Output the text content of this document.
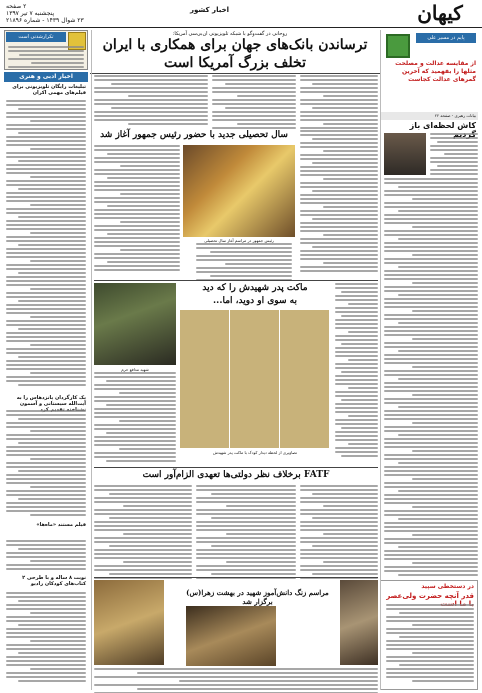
۲ صفحه
پنجشنبه ۷ تیر ۱۳۹۷
۲۳ شوال ۱۴۳۹ - شماره ۲۱۸۹۶
اخبار کشور	کیهان
روحانی در گفت‌وگو با شبکه تلویزیونی ان‌بی‌سی آمریکا:
ترساندن بانک‌های جهان برای همکاری با ایران
تخلف بزرگ آمریکا است
پایم در مسیر علی
از مقایسه عدالت و مصلحت مثلها را بفهمید که آخرین گمرهای عدالت کجاست
بیانات رهبری - صفحه ۲۲
کاش لحظه‌ای باز
در دستخطی سپید
قدر آنچه حضرت ولی‌عصر
تکرار‌شدنی است
اخبار ادبی و هنری
تبلیغات رایگان تلویزیونی برای فیلم‌های مهمی اکران
یک کارگردان پانزدهاس را به آیت‌الله سیستانی و آسمون
فیلم مستند «ماه‌ها»
نوبت ۸ ساله و با طرحی ۲ کتاب‌های کودکان رادیو
سال تحصیلی جدید با حضور رئیس جمهور آغاز شد
رئیس جمهور در مراسم آغاز سال تحصیلی
ماکت پدر شهیدش را که دید
به سوی او دوید، اما...
شهید مدافع حرم
تصاویری از لحظه دیدار کودک با ماکت پدر شهیدش
FATF برخلاف نظر دولتی‌ها تعهدی الزام‌آور است
مراسم زنگ دانش‌آموز شهید در بهشت زهرا(س) برگزار شد
